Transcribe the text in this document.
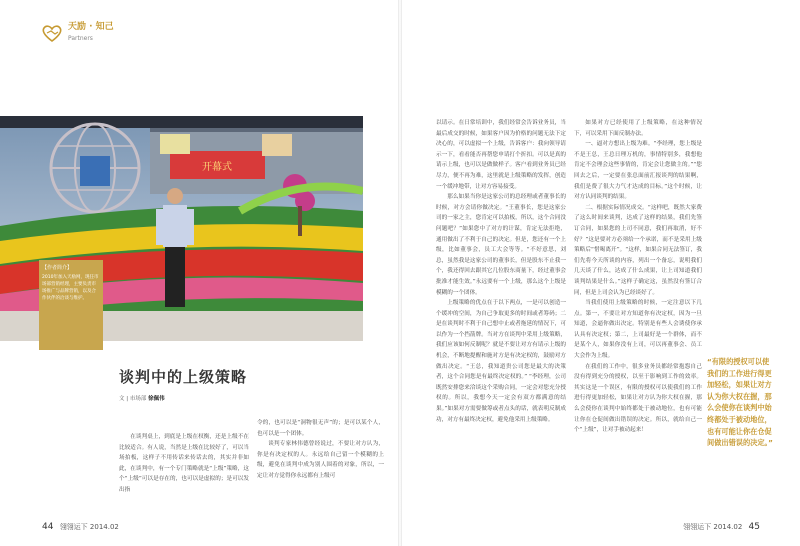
天励 · 知己
Partners
开幕式
【作者简介】
2010年加入天励网，现任市场部营销经理，主要负责市场推广与品牌营销，以及合作伙伴的洽谈与维护。
谈判中的上级策略
文 | 市场部 徐佩伟

在谈判桌上，到底是上级在权衡，还是上级不在比较适合。有人说，当然是上级在比较好了，可以当场拍板，这样子不用传话来传话去的，其实并非如此，在谈判中，有一个专门策略就是“上级”策略，这个“上级”可以是存在的，也可以是虚拟的；是可以发出指

令的，也可以是“洞物很无声”的；是可以某个人，也可以是一个团体。

谈判专家林伟德曾经说过，不要让对方认为，你是有决定权的人。永远给自己留一个模糊的上级，避免在谈判中成为别人围着的对象，所以，一定让对方觉得你永远都有上级可

以请示。在日常培训中，我们经常会告诉业务员，当最后成交的时候，如果客户因为价格的问题无法下定决心的，可以虚拟一个上级，告诉客户：我向领导请示一下，看看能否再帮您申请打个折扣。可以是真的请示上级，也可以是做做样子。客户看到业务员已经尽力，便不再为难，这里就是上级策略的发挥，创造一个缓冲地带，让对方容易接受。

那么如果当你是这家公司的总经理或者董事长的时候，对方会请你做决定。“王董事长，您是这家公司的一家之主，您肯定可以拍板，所以，这个合同没问题吧？”如果您中了对方的计谋，肯定无法拒绝，通用做出了不利于自己的决定。但是，您还有一个上级，比如董事会，员工大会等等。“不好意思，刘总，虽然我是这家公司的董事长，但是股东不止我一个，我还得回去跟其它几位股东商量下，经过董事会批准才能生效。”永远要有一个上级，那么这个上级是模糊的一个团体。

上级策略的优点在于以下两点，一是可以创造一个缓冲的空间，为自己争取更多的时间或者筹码；二是在谈判时不利于自己想中止或者拖延的情况下，可以作为一个挡箭牌。当对方在谈判中采用上级策略，我们应该如何反制呢？就是不要让对方有请示上级的机会，不断地提醒和施对方是有决定权的，鼓励对方做出决定。“王总，我知道贵公司您是最大的决策者，这个合同您是有最终决定权的。” “李经理，公司既然安排您来洽谈这个采购合同，一定会对您充分授权的。所以，我想今天一定会有双方都满意的结果。”如果对方需要做筹或者点头的话，就表明反制成功，对方有最终决定权，避免他采用上级策略。

如果对方已经使用了上级策略，在这种情况下，可以采用下面反制办法。

一、逼对方想出上级为难。“李经理，您上级是不是王总，王总日理万机的，事情特别多，我想他肯定不会理会这些事情的，肯定会让您做主的。”“您回去之后，一定要在张总面前汇报谈判的结果啊，我们是费了很大力气才达成的目标。”这个时候，让对方认同谈判的结果。

二、根据实际情况成交。“这样吧，既然大家费了这么时间来谈判，达成了这样的结果，我们先签订合同，如果您的上司不同意，我们再取消，好不好？”这是要对方必须给一个承诺，而不是采用上级策略后“惜喝离开”。“这样，如果合同无法签订，我们先将今天所谈的内容，列出一个备忘，说明我们几天谈了什么，达成了什么成果，让上司知道我们谈判结果是什么。”这样子确定这，虽然没有签订合同，但是上司会认为已经谈好了。

当我们使用上级策略的时候，一定注意以下几点。第一，不要让对方知道你有决定权，因为一旦知道，会逼你做出决定。特别是有些人会诱使你承认具有决定权；第二，上司最好是一个群体，而不是某个人，如果你没有上司，可以再董事会、员工大会作为上级。

在我们的工作中，很多业务员都经常抱怨自己没有得到充分的授权，以至于影响到工作的效率。其实这是一个误区，有限的授权可以使我们的工作进行得更加轻松，如果让对方认为你大权在握，那么会使你在谈判中始终都处于被动地位，也有可能让你在仓促间做出错误的决定。所以，就给自己一个“上级”，让对手被动起来！

“有限的授权可以使我们的工作进行得更加轻松，如果让对方认为你大权在握，那么会使你在谈判中始终都处于被动地位，也有可能让你在仓促间做出错误的决定。”
44 翎翎运下 2014.02	翎翎运下 2014.02 45
